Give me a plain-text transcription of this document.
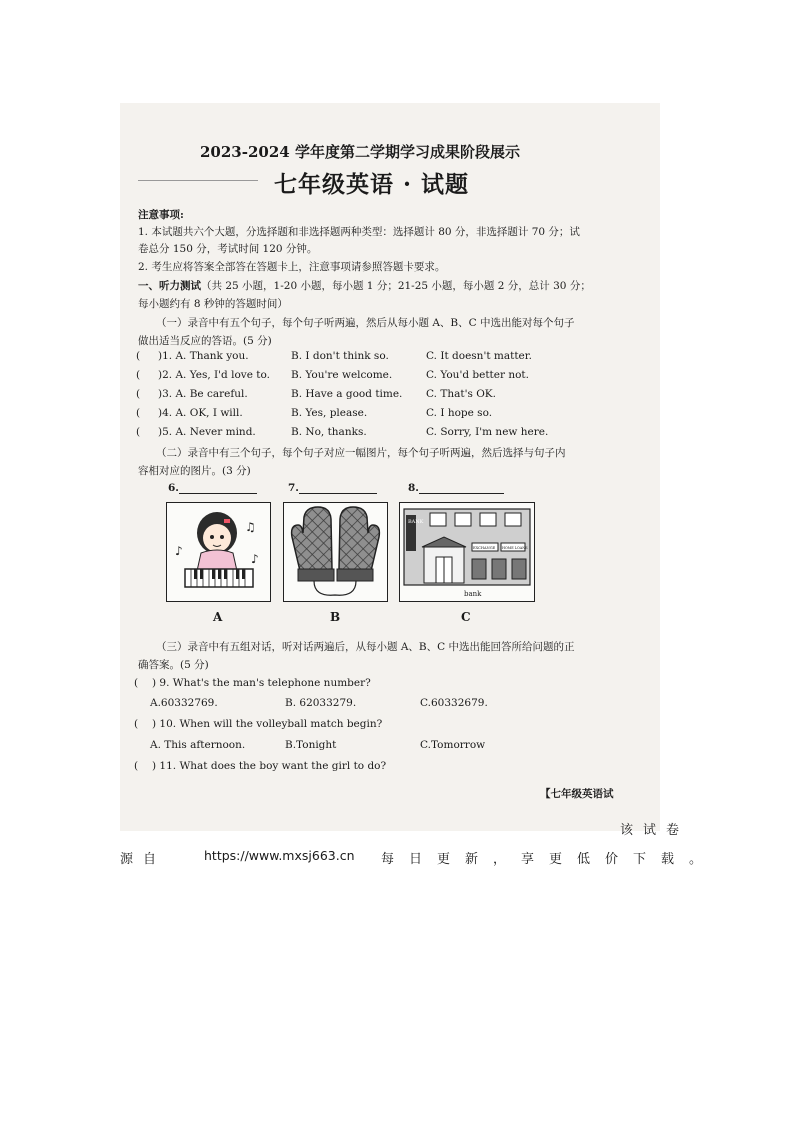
2023-2024 学年度第二学期学习成果阶段展示
七年级英语 · 试题
注意事项:
1. 本试题共六个大题，分选择题和非选择题两种类型：选择题计 80 分，非选择题计 70 分；试
卷总分 150 分，考试时间 120 分钟。
2. 考生应将答案全部答在答题卡上，注意事项请参照答题卡要求。
一、听力测试（共 25 小题，1-20 小题，每小题 1 分；21-25 小题，每小题 2 分，总计 30 分；
每小题约有 8 秒钟的答题时间）
（一）录音中有五个句子，每个句子听两遍，然后从每小题 A、B、C 中选出能对每个句子
做出适当反应的答语。(5 分)
( )1. A. Thank you.	B. I don't think so.	C. It doesn't matter.
( )2. A. Yes, I'd love to. B. You're welcome.	C. You'd better not.
( )3. A. Be careful.	B. Have a good time. C. That's OK.
( )4. A. OK, I will.	B. Yes, please.	C. I hope so.
( )5. A. Never mind.	B. No, thanks.	C. Sorry, I'm new here.
（二）录音中有三个句子，每个句子对应一幅图片，每个句子听两遍，然后选择与句子内
容相对应的图片。(3 分)
6.	7.	8.
♪
♫
♪
BANK
EXCHANGE HOME LOANS
bank
A	B	C
（三）录音中有五组对话，听对话两遍后，从每小题 A、B、C 中选出能回答所给问题的正
确答案。(5 分)
( ) 9. What's the man's telephone number?
A.60332769.	B. 62033279.	C.60332679.
( ) 10. When will the volleyball match begin?
A. This afternoon.	B.Tonight	C.Tomorrow
( ) 11. What does the boy want the girl to do?
【七年级英语试
该试卷
源自	https://www.mxsj663.cn 每日更新，享更低价下载。
